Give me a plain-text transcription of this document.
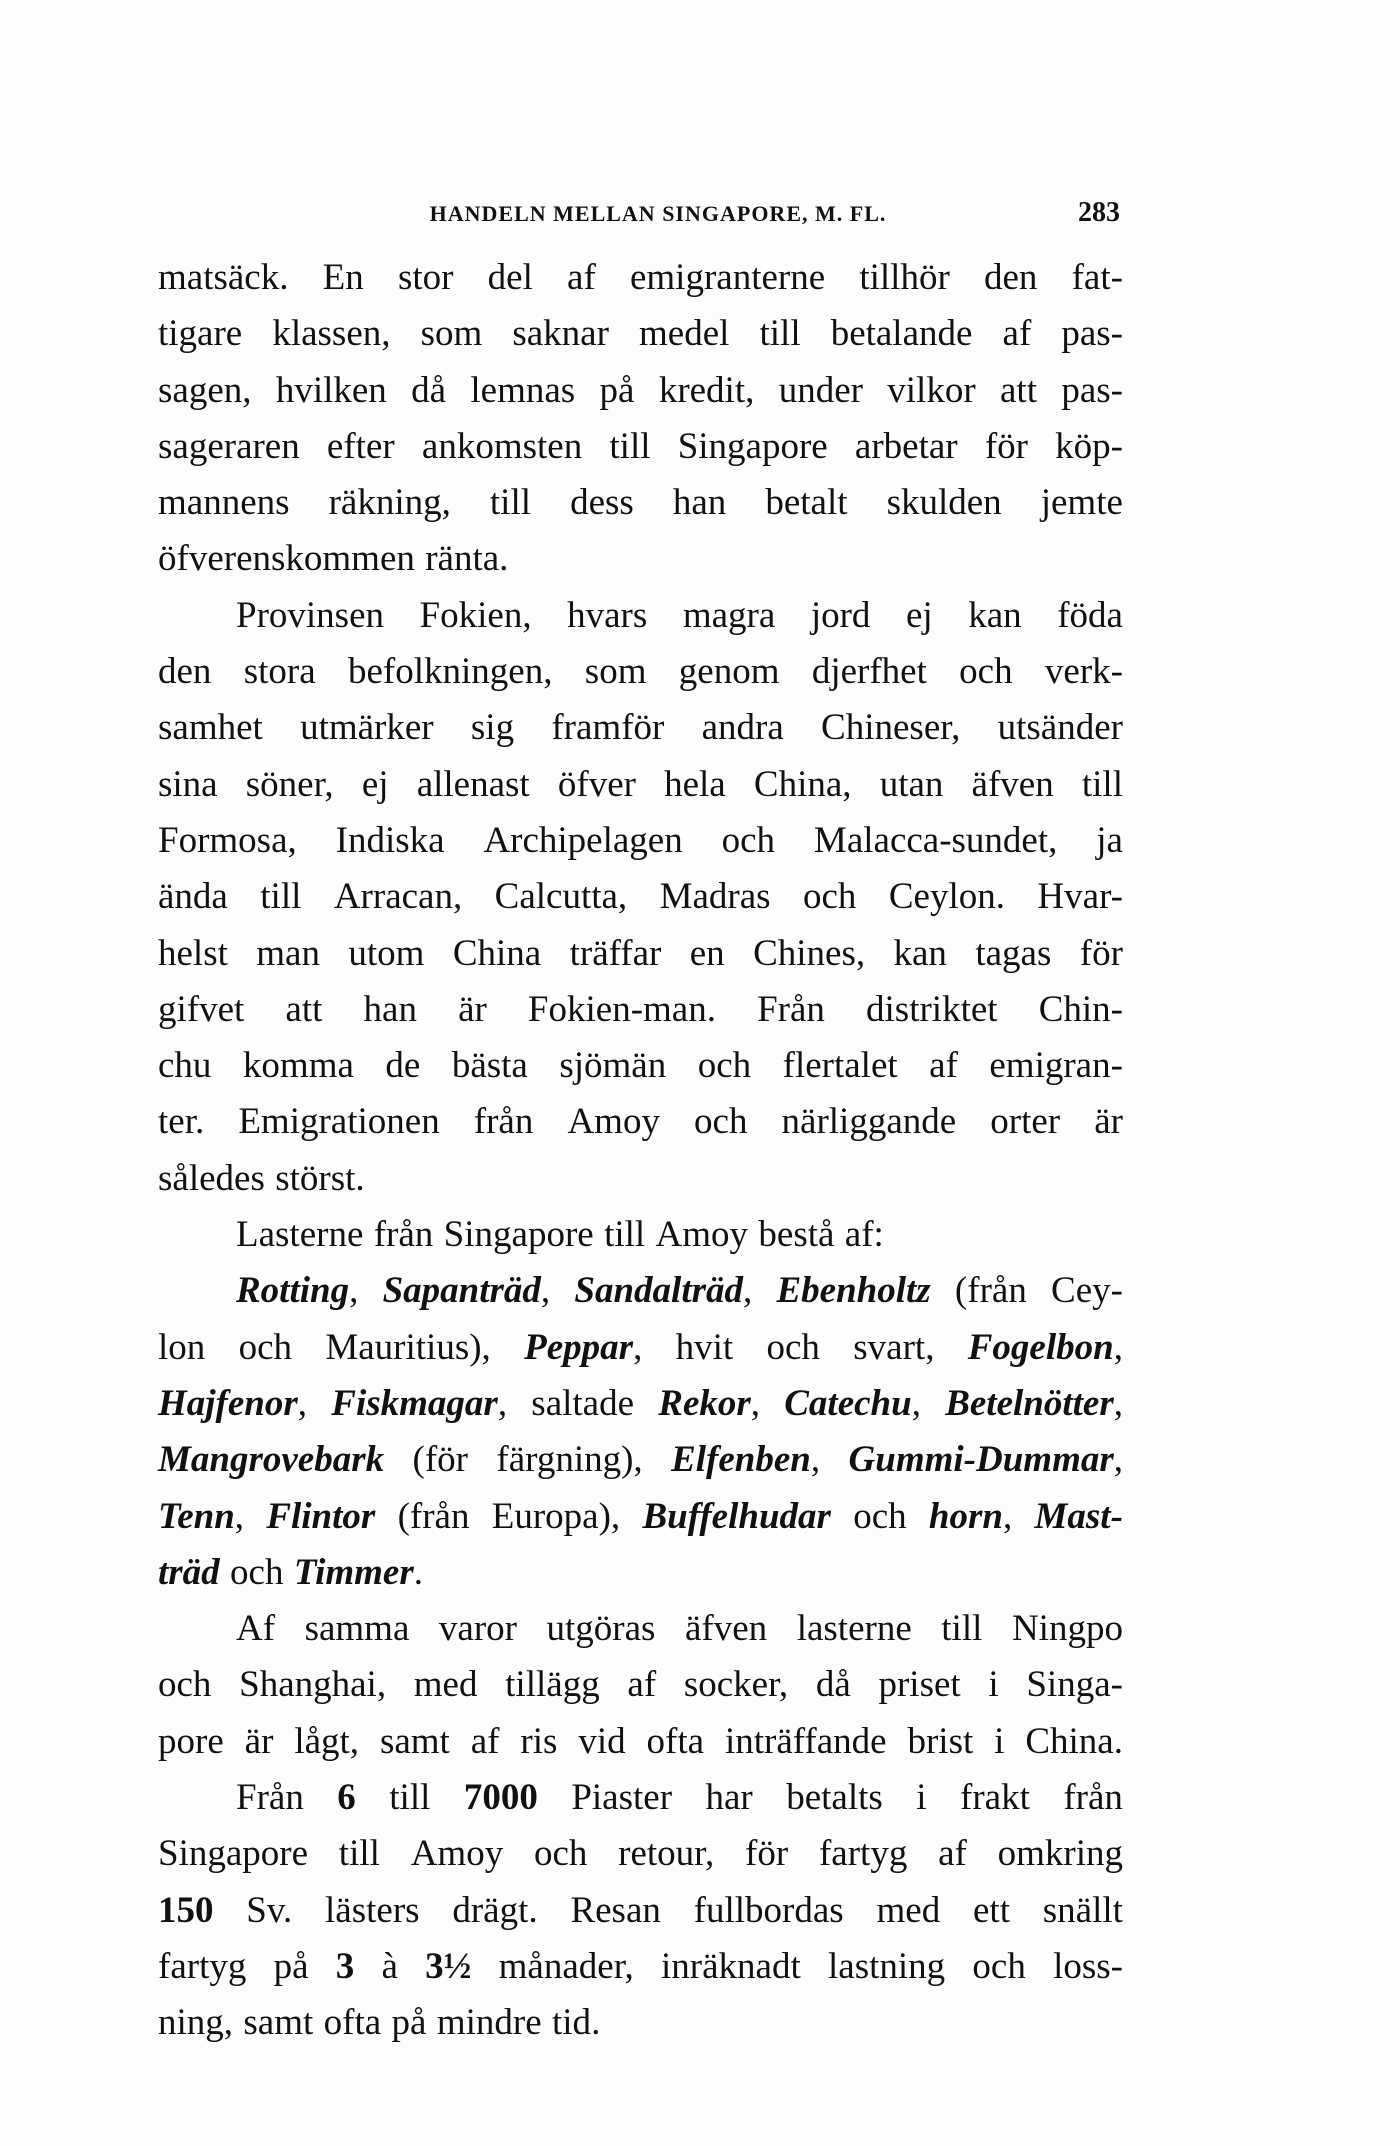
HANDELN MELLAN SINGAPORE, M. FL.	283
matsäck. En stor del af emigranterne tillhör den fat-
tigare klassen, som saknar medel till betalande af pas-
sagen, hvilken då lemnas på kredit, under vilkor att pas-
sageraren efter ankomsten till Singapore arbetar för köp-
mannens räkning, till dess han betalt skulden jemte
öfverenskommen ränta.
Provinsen Fokien, hvars magra jord ej kan föda
den stora befolkningen, som genom djerfhet och verk-
samhet utmärker sig framför andra Chineser, utsänder
sina söner, ej allenast öfver hela China, utan äfven till
Formosa, Indiska Archipelagen och Malacca-sundet, ja
ända till Arracan, Calcutta, Madras och Ceylon. Hvar-
helst man utom China träffar en Chines, kan tagas för
gifvet att han är Fokien-man. Från distriktet Chin-
chu komma de bästa sjömän och flertalet af emigran-
ter. Emigrationen från Amoy och närliggande orter är
således störst.
Lasterne från Singapore till Amoy bestå af:
Rotting, Sapanträd, Sandalträd, Ebenholtz (från Cey-
lon och Mauritius), Peppar, hvit och svart, Fogelbon,
Hajfenor, Fiskmagar, saltade Rekor, Catechu, Betelnötter,
Mangrovebark (för färgning), Elfenben, Gummi-Dummar,
Tenn, Flintor (från Europa), Buffelhudar och horn, Mast-
träd och Timmer.
Af samma varor utgöras äfven lasterne till Ningpo
och Shanghai, med tillägg af socker, då priset i Singa-
pore är lågt, samt af ris vid ofta inträffande brist i China.
Från 6 till 7000 Piaster har betalts i frakt från
Singapore till Amoy och retour, för fartyg af omkring
150 Sv. lästers drägt. Resan fullbordas med ett snällt
fartyg på 3 à 3½ månader, inräknadt lastning och loss-
ning, samt ofta på mindre tid.
